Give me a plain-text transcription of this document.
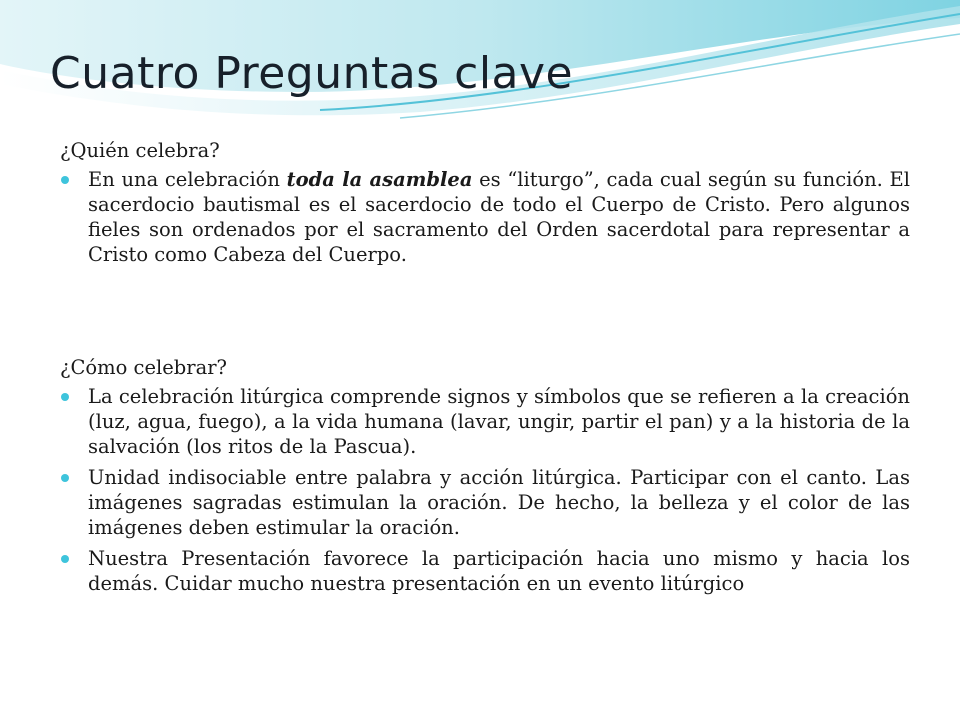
Cuatro Preguntas clave

¿Quién celebra?

En una celebración toda la asamblea es “liturgo”, cada cual según su función. El sacerdocio bautismal es el sacerdocio de todo el Cuerpo de Cristo. Pero algunos fieles son ordenados por el sacramento del Orden sacerdotal para representar a Cristo como Cabeza del Cuerpo.

¿Cómo celebrar?

La celebración litúrgica comprende signos y símbolos que se refieren a la creación (luz, agua, fuego), a la vida humana (lavar, ungir, partir el pan) y a la historia de la salvación (los ritos de la Pascua).
Unidad indisociable entre palabra y acción litúrgica. Participar con el canto. Las imágenes sagradas estimulan la oración. De hecho, la belleza y el color de las imágenes deben estimular la oración.
Nuestra Presentación favorece la participación hacia uno mismo y hacia los demás. Cuidar mucho nuestra presentación en un evento litúrgico
